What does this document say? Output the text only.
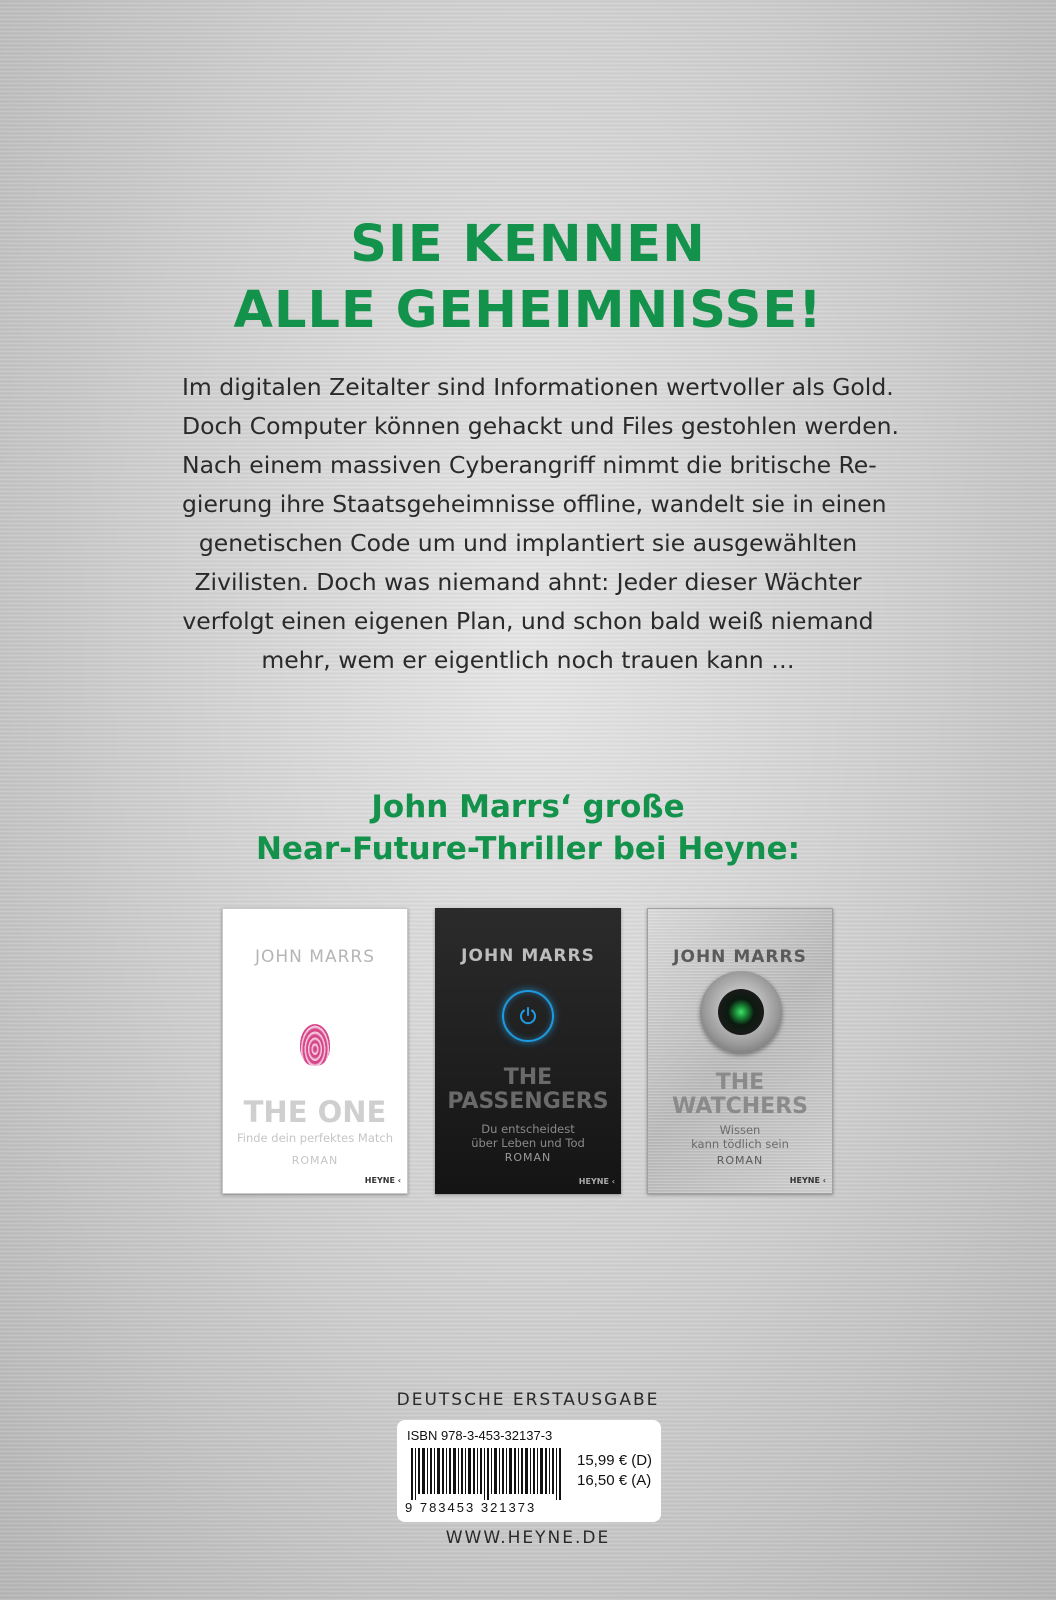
SIE KENNEN
ALLE GEHEIMNISSE!
Im digitalen Zeitalter sind Informationen wertvoller als Gold.
Doch Computer können gehackt und Files gestohlen werden.
Nach einem massiven Cyberangriff nimmt die britische Re-
gierung ihre Staatsgeheimnisse offline, wandelt sie in einen
genetischen Code um und implantiert sie ausgewählten
Zivilisten. Doch was niemand ahnt: Jeder dieser Wächter
verfolgt einen eigenen Plan, und schon bald weiß niemand
mehr, wem er eigentlich noch trauen kann …
John Marrs‘ große
Near-Future-Thriller bei Heyne:
JOHN MARRS
THE ONE
Finde dein perfektes Match
ROMAN
HEYNE ‹
JOHN MARRS
THE
PASSENGERS
Du entscheidest
über Leben und Tod
ROMAN
HEYNE ‹
JOHN MARRS
THE
WATCHERS
Wissen
kann tödlich sein
ROMAN
HEYNE ‹
DEUTSCHE ERSTAUSGABE
ISBN 978-3-453-32137-3
9 783453 321373
15,99 € (D)
16,50 € (A)
WWW.HEYNE.DE
